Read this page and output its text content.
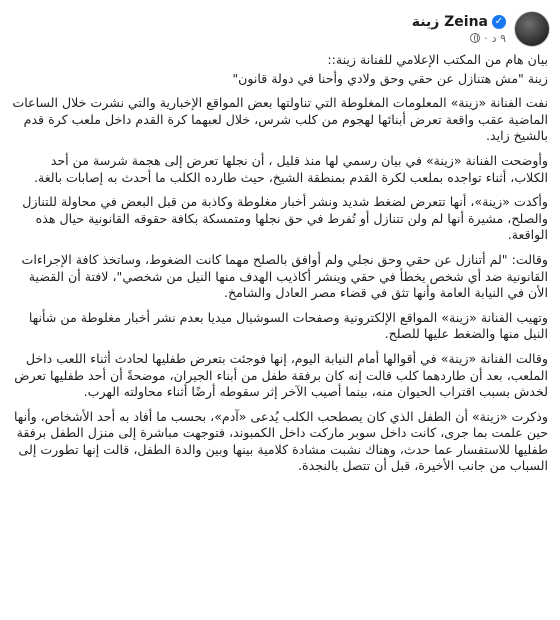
✓
Zeina زينة
٩ د
·

بيان هام من المكتب الإعلامي للفنانة زينة::

زينة "مش هتنازل عن حقي وحق ولادي وأحنا في دولة قانون"

نفت الفنانة «زينة» المعلومات المغلوطة التي تناولتها بعض المواقع الإخبارية والتي نشرت خلال الساعات الماضية عقب واقعة تعرض أبنائها لهجوم من كلب شرس، خلال لعبهما كرة القدم داخل ملعب كرة قدم بالشيخ زايد.

وأوضحت الفنانة «زينة» في بيان رسمي لها منذ قليل ، أن نجلها تعرض إلى هجمة شرسة من أحد الكلاب، أثناء تواجده بملعب لكرة القدم بمنطقة الشيخ، حيث طارده الكلب ما أحدث به إصابات بالغة.

وأكدت «زينة»، أنها تتعرض لضغط شديد ونشر أخبار مغلوطة وكاذبة من قبل البعض في محاولة للتنازل والصلح، مشيرة أنها لم ولن تتنازل أو تُفرط في حق نجلها ومتمسكة بكافة حقوقه القانونية حيال هذه الواقعة.

وقالت: "لم أتنازل عن حقي وحق نجلي ولم أوافق بالصلح مهما كانت الضغوط، وساتخذ كافة الإجراءات القانونية ضد أي شخص يخطأ في حقي وينشر أكاذيب الهدف منها النيل من شخصي"، لافتة أن القضية الأن في النيابة العامة وأنها تثق في قضاء مصر العادل والشامخ.

وتهيب الفنانة «زينة» المواقع الإلكترونية وصفحات السوشيال ميديا بعدم نشر أخبار مغلوطة من شأنها النيل منها والضغط عليها للصلح.

وقالت الفنانة «زينة» في أقوالها أمام النيابة اليوم، إنها فوجئت بتعرض طفليها لحادث أثناء اللعب داخل الملعب، بعد أن طاردهما كلب قالت إنه كان برفقة طفل من أبناء الجيران، موضحةً أن أحد طفليها تعرض لخدش بسبب اقتراب الحيوان منه، بينما أصيب الآخر إثر سقوطه أرضًا أثناء محاولته الهرب.

وذكرت «زينة» أن الطفل الذي كان يصطحب الكلب يُدعى «آدم»، بحسب ما أفاد به أحد الأشخاص، وأنها حين علمت بما جرى، كانت داخل سوبر ماركت داخل الكمبوند، فتوجهت مباشرة إلى منزل الطفل برفقة طفليها للاستفسار عما حدث، وهناك نشبت مشادة كلامية بينها وبين والدة الطفل، قالت إنها تطورت إلى السباب من جانب الأخيرة، قبل أن تتصل بالنجدة.
